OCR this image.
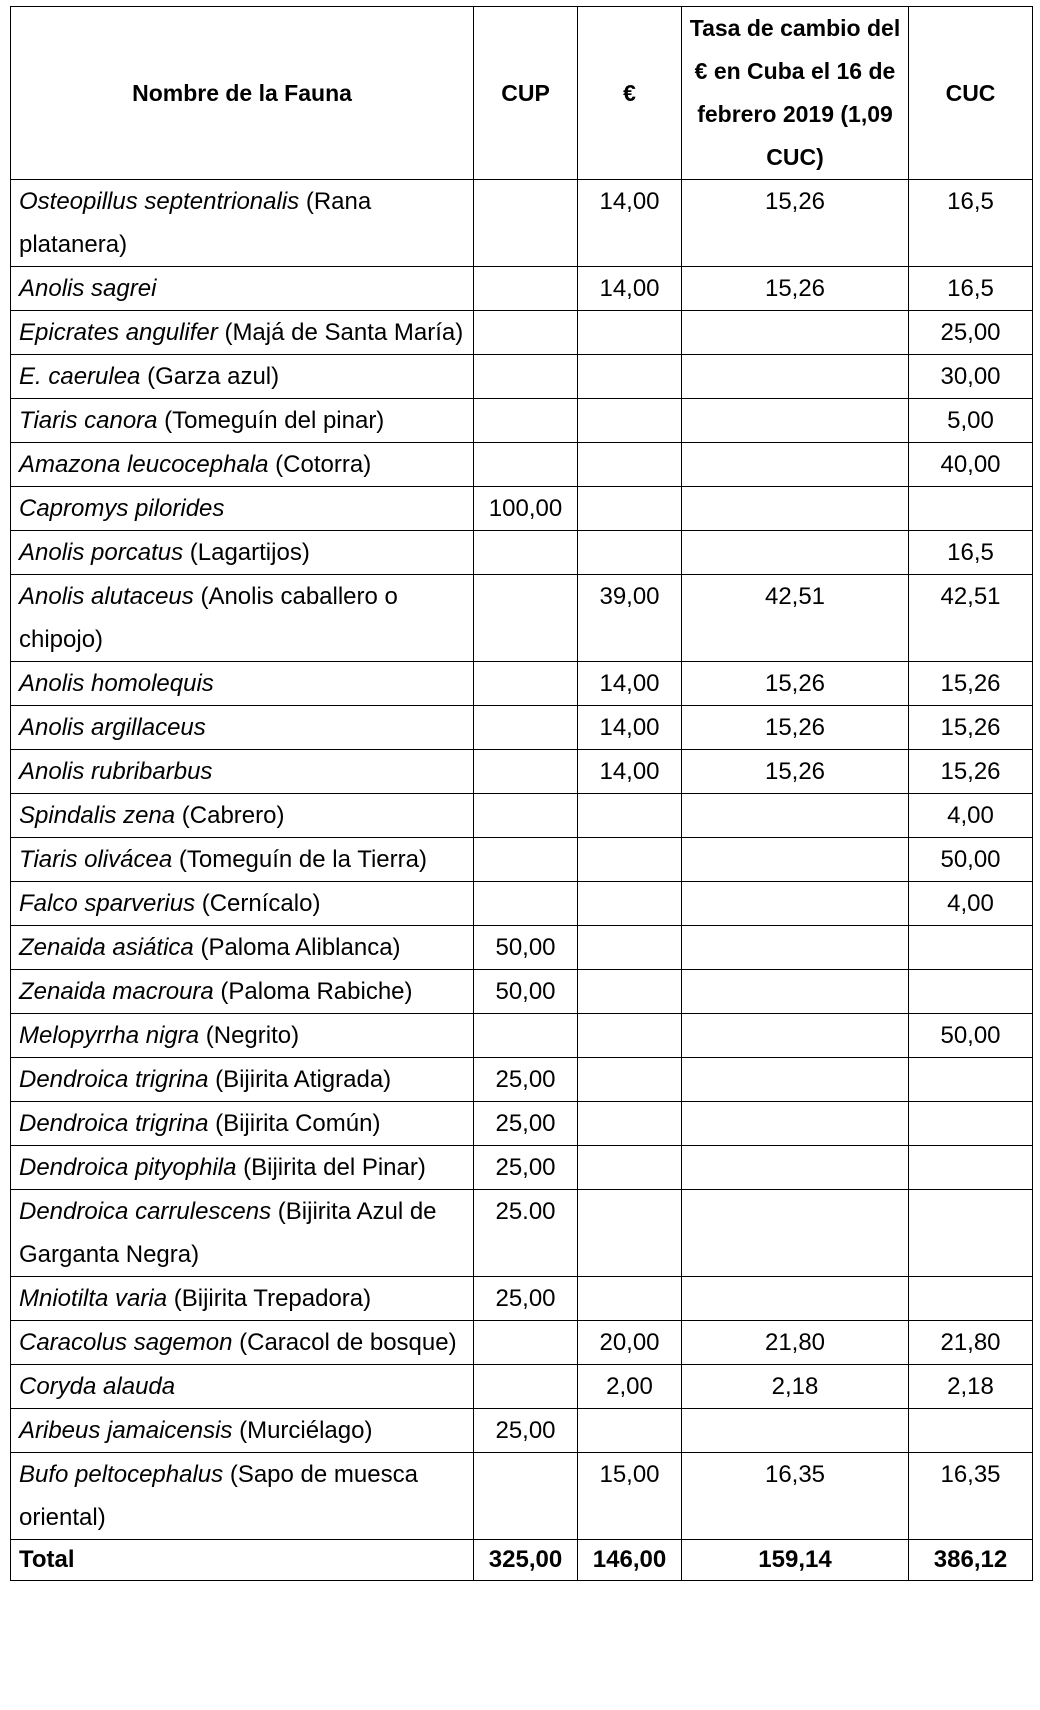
Nombre de la Fauna	CUP	€	Tasa de cambio del € en Cuba el 16 de febrero 2019 (1,09 CUC)	CUC
Osteopillus septentrionalis (Rana platanera)		14,00	15,26	16,5
Anolis sagrei		14,00	15,26	16,5
Epicrates angulifer (Majá de Santa María)				25,00
E. caerulea (Garza azul)				30,00
Tiaris canora (Tomeguín del pinar)				5,00
Amazona leucocephala (Cotorra)				40,00
Capromys pilorides	100,00			
Anolis porcatus (Lagartijos)				16,5
Anolis alutaceus (Anolis caballero o chipojo)		39,00	42,51	42,51
Anolis homolequis		14,00	15,26	15,26
Anolis argillaceus		14,00	15,26	15,26
Anolis rubribarbus		14,00	15,26	15,26
Spindalis zena (Cabrero)				4,00
Tiaris olivácea (Tomeguín de la Tierra)				50,00
Falco sparverius (Cernícalo)				4,00
Zenaida asiática (Paloma Aliblanca)	50,00			
Zenaida macroura (Paloma Rabiche)	50,00			
Melopyrrha nigra (Negrito)				50,00
Dendroica trigrina (Bijirita Atigrada)	25,00			
Dendroica trigrina (Bijirita Común)	25,00			
Dendroica pityophila (Bijirita del Pinar)	25,00			
Dendroica carrulescens (Bijirita Azul de Garganta Negra)	25.00			
Mniotilta varia (Bijirita Trepadora)	25,00			
Caracolus sagemon (Caracol de bosque)		20,00	21,80	21,80
Coryda alauda		2,00	2,18	2,18
Aribeus jamaicensis (Murciélago)	25,00			
Bufo peltocephalus (Sapo de muesca oriental)		15,00	16,35	16,35
Total	325,00	146,00	159,14	386,12
